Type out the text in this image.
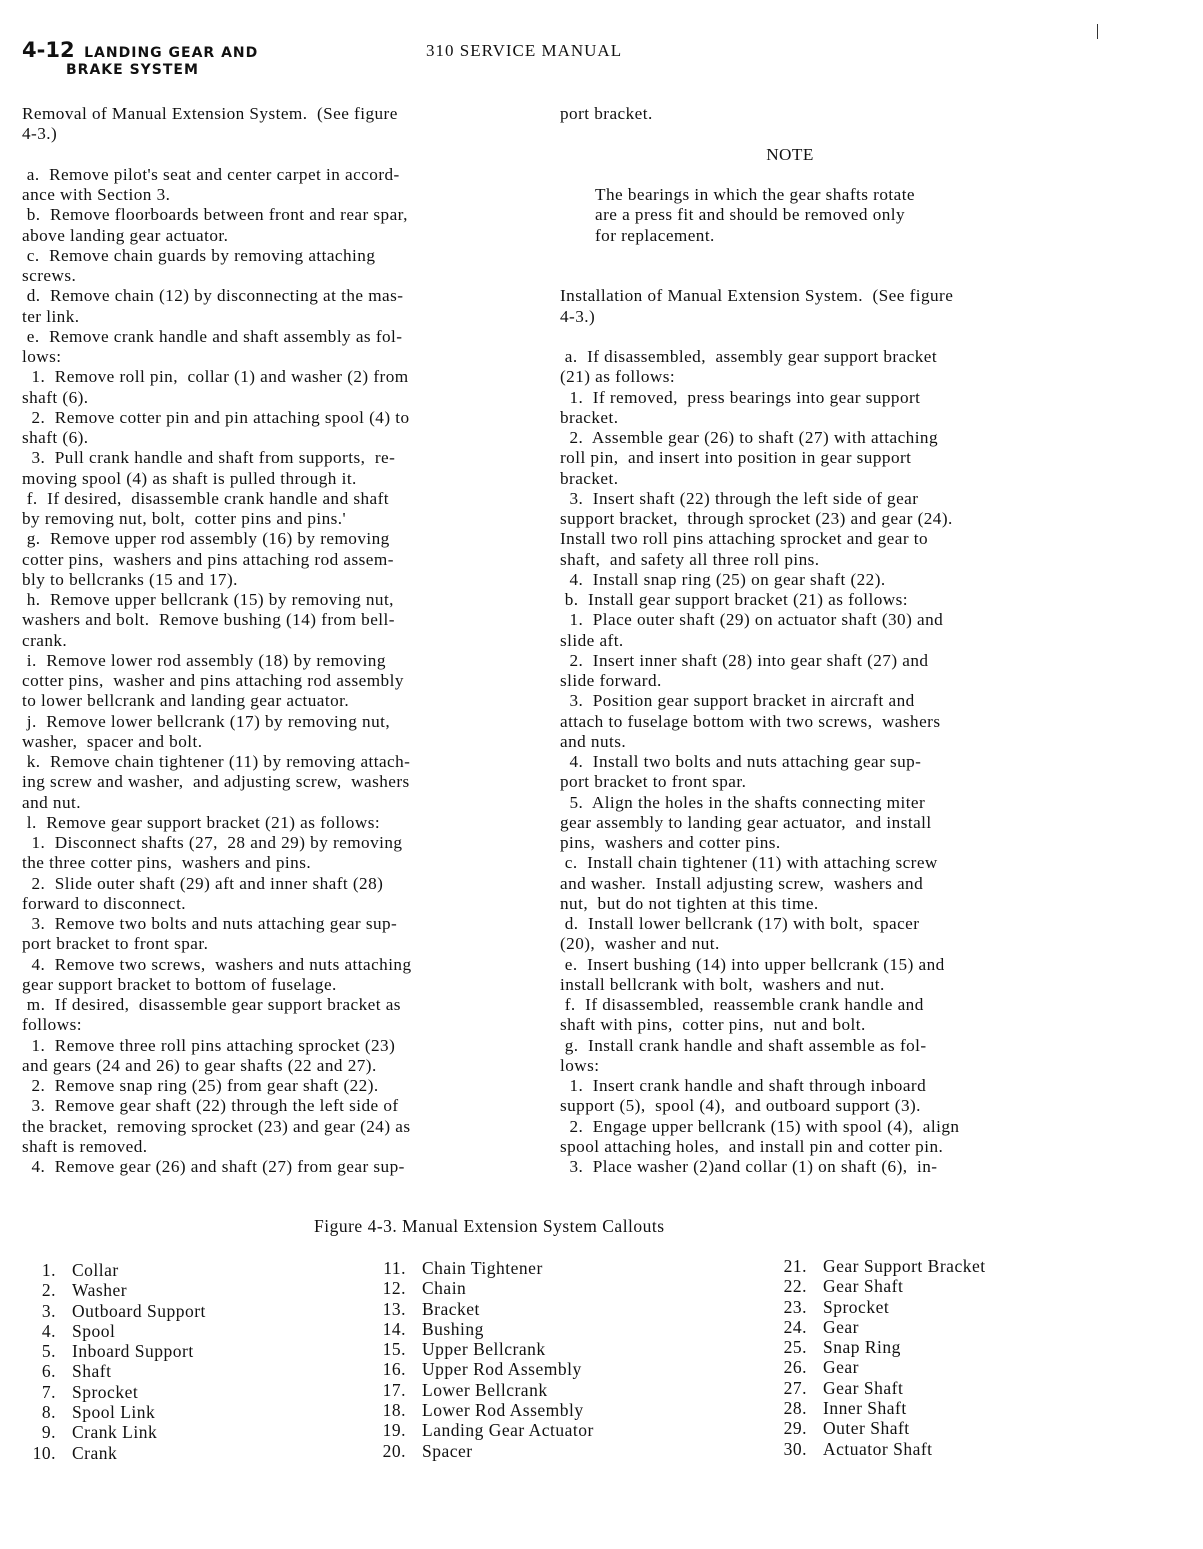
4-12 LANDING GEAR AND
BRAKE SYSTEM
310 SERVICE MANUAL

Removal of Manual Extension System.  (See figure

4-3.)

a.  Remove pilot's seat and center carpet in accord-

ance with Section 3.

b.  Remove floorboards between front and rear spar,

above landing gear actuator.

c.  Remove chain guards by removing attaching

screws.

d.  Remove chain (12) by disconnecting at the mas-

ter link.

e.  Remove crank handle and shaft assembly as fol-

lows:

1.  Remove roll pin,  collar (1) and washer (2) from

shaft (6).

2.  Remove cotter pin and pin attaching spool (4) to

shaft (6).

3.  Pull crank handle and shaft from supports,  re-

moving spool (4) as shaft is pulled through it.

f.  If desired,  disassemble crank handle and shaft

by removing nut, bolt,  cotter pins and pins.'

g.  Remove upper rod assembly (16) by removing

cotter pins,  washers and pins attaching rod assem-

bly to bellcranks (15 and 17).

h.  Remove upper bellcrank (15) by removing nut,

washers and bolt.  Remove bushing (14) from bell-

crank.

i.  Remove lower rod assembly (18) by removing

cotter pins,  washer and pins attaching rod assembly

to lower bellcrank and landing gear actuator.

j.  Remove lower bellcrank (17) by removing nut,

washer,  spacer and bolt.

k.  Remove chain tightener (11) by removing attach-

ing screw and washer,  and adjusting screw,  washers

and nut.

l.  Remove gear support bracket (21) as follows:

1.  Disconnect shafts (27,  28 and 29) by removing

the three cotter pins,  washers and pins.

2.  Slide outer shaft (29) aft and inner shaft (28)

forward to disconnect.

3.  Remove two bolts and nuts attaching gear sup-

port bracket to front spar.

4.  Remove two screws,  washers and nuts attaching

gear support bracket to bottom of fuselage.

m.  If desired,  disassemble gear support bracket as

follows:

1.  Remove three roll pins attaching sprocket (23)

and gears (24 and 26) to gear shafts (22 and 27).

2.  Remove snap ring (25) from gear shaft (22).

3.  Remove gear shaft (22) through the left side of

the bracket,  removing sprocket (23) and gear (24) as

shaft is removed.

4.  Remove gear (26) and shaft (27) from gear sup-

port bracket.

NOTE

The bearings in which the gear shafts rotate

are a press fit and should be removed only

for replacement.

Installation of Manual Extension System.  (See figure

4-3.)

a.  If disassembled,  assembly gear support bracket

(21) as follows:

1.  If removed,  press bearings into gear support

bracket.

2.  Assemble gear (26) to shaft (27) with attaching

roll pin,  and insert into position in gear support

bracket.

3.  Insert shaft (22) through the left side of gear

support bracket,  through sprocket (23) and gear (24).

Install two roll pins attaching sprocket and gear to

shaft,  and safety all three roll pins.

4.  Install snap ring (25) on gear shaft (22).

b.  Install gear support bracket (21) as follows:

1.  Place outer shaft (29) on actuator shaft (30) and

slide aft.

2.  Insert inner shaft (28) into gear shaft (27) and

slide forward.

3.  Position gear support bracket in aircraft and

attach to fuselage bottom with two screws,  washers

and nuts.

4.  Install two bolts and nuts attaching gear sup-

port bracket to front spar.

5.  Align the holes in the shafts connecting miter

gear assembly to landing gear actuator,  and install

pins,  washers and cotter pins.

c.  Install chain tightener (11) with attaching screw

and washer.  Install adjusting screw,  washers and

nut,  but do not tighten at this time.

d.  Install lower bellcrank (17) with bolt,  spacer

(20),  washer and nut.

e.  Insert bushing (14) into upper bellcrank (15) and

install bellcrank with bolt,  washers and nut.

f.  If disassembled,  reassemble crank handle and

shaft with pins,  cotter pins,  nut and bolt.

g.  Install crank handle and shaft assemble as fol-

lows:

1.  Insert crank handle and shaft through inboard

support (5),  spool (4),  and outboard support (3).

2.  Engage upper bellcrank (15) with spool (4),  align

spool attaching holes,  and install pin and cotter pin.

3.  Place washer (2)and collar (1) on shaft (6),  in-

Figure 4-3. Manual Extension System Callouts
1. Collar
2. Washer
3. Outboard Support
4. Spool
5. Inboard Support
6. Shaft
7. Sprocket
8. Spool Link
9. Crank Link
10. Crank
11. Chain Tightener
12. Chain
13. Bracket
14. Bushing
15. Upper Bellcrank
16. Upper Rod Assembly
17. Lower Bellcrank
18. Lower Rod Assembly
19. Landing Gear Actuator
20. Spacer
21. Gear Support Bracket
22. Gear Shaft
23. Sprocket
24. Gear
25. Snap Ring
26. Gear
27. Gear Shaft
28. Inner Shaft
29. Outer Shaft
30. Actuator Shaft
